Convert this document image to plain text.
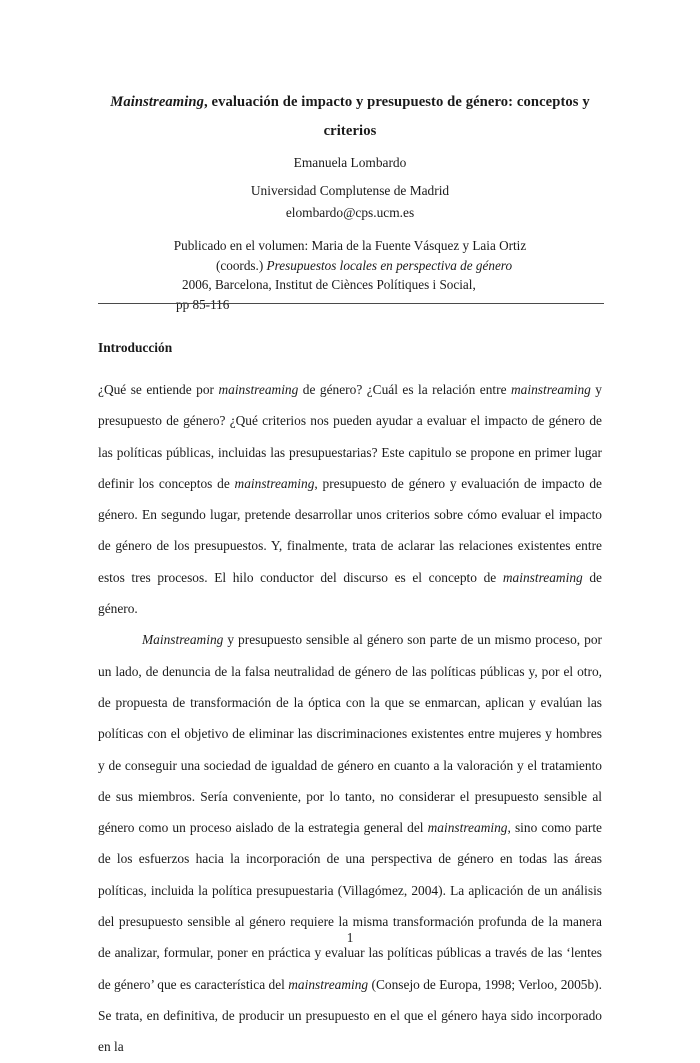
Mainstreaming, evaluación de impacto y presupuesto de género: conceptos y criterios
Emanuela Lombardo
Universidad Complutense de Madrid
elombardo@cps.ucm.es
Publicado en el volumen: Maria de la Fuente Vásquez y Laia Ortiz
(coords.) Presupuestos locales en perspectiva de género
2006, Barcelona, Institut de Ciènces Polítiques i Social,
pp 85-116
Introducción

¿Qué se entiende por mainstreaming de género? ¿Cuál es la relación entre mainstreaming y presupuesto de género? ¿Qué criterios nos pueden ayudar a evaluar el impacto de género de las políticas públicas, incluidas las presupuestarias? Este capitulo se propone en primer lugar definir los conceptos de mainstreaming, presupuesto de género y evaluación de impacto de género. En segundo lugar, pretende desarrollar unos criterios sobre cómo evaluar el impacto de género de los presupuestos. Y, finalmente, trata de aclarar las relaciones existentes entre estos tres procesos. El hilo conductor del discurso es el concepto de mainstreaming de género.

Mainstreaming y presupuesto sensible al género son parte de un mismo proceso, por un lado, de denuncia de la falsa neutralidad de género de las políticas públicas y, por el otro, de propuesta de transformación de la óptica con la que se enmarcan, aplican y evalúan las políticas con el objetivo de eliminar las discriminaciones existentes entre mujeres y hombres y de conseguir una sociedad de igualdad de género en cuanto a la valoración y el tratamiento de sus miembros. Sería conveniente, por lo tanto, no considerar el presupuesto sensible al género como un proceso aislado de la estrategia general del mainstreaming, sino como parte de los esfuerzos hacia la incorporación de una perspectiva de género en todas las áreas políticas, incluida la política presupuestaria (Villagómez, 2004). La aplicación de un análisis del presupuesto sensible al género requiere la misma transformación profunda de la manera de analizar, formular, poner en práctica y evaluar las políticas públicas a través de las ‘lentes de género’ que es característica del mainstreaming (Consejo de Europa, 1998; Verloo, 2005b). Se trata, en definitiva, de producir un presupuesto en el que el género haya sido incorporado en la

1
